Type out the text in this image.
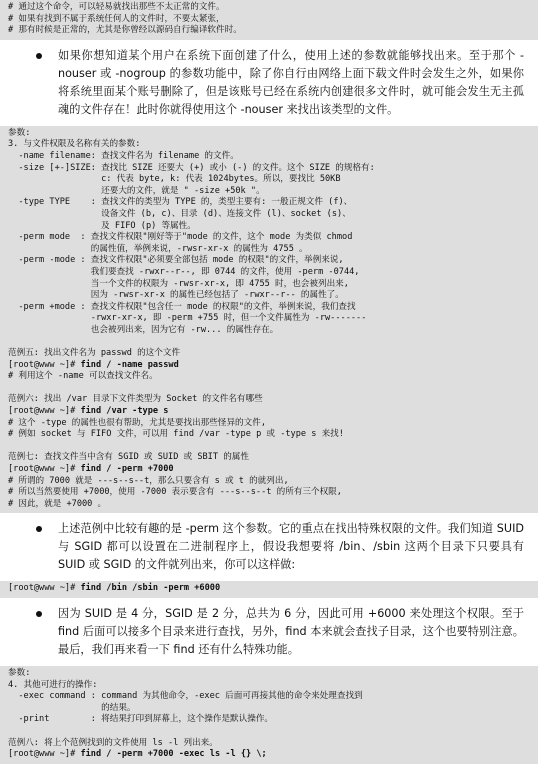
# 通过这个命令，可以轻易就找出那些不太正常的文件。
# 如果有找到不属于系统任何人的文件时，不要太紧张，
# 那有时候是正常的，尤其是你曾经以源码自行编译软件时。
如果你想知道某个用户在系统下面创建了什么，使用上述的参数就能够找出来。至于那个 -nouser 或 -nogroup 的参数功能中，除了你自行由网络上面下载文件时会发生之外，如果你将系统里面某个账号删除了，但是该账号已经在系统内创建很多文件时，就可能会发生无主孤魂的文件存在！此时你就得使用这个 -nouser 来找出该类型的文件。
参数:
3. 与文件权限及名称有关的参数:
-name filename: 查找文件名为 filename 的文件。
-size [+-]SIZE: 查找比 SIZE 还要大 (+) 或小 (-) 的文件。这个 SIZE 的规格有:
c: 代表 byte, k: 代表 1024bytes。所以，要找比 50KB
还要大的文件，就是 " -size +50k "。
-type TYPE    : 查找文件的类型为 TYPE 的，类型主要有: 一般正规文件 (f)、
设备文件 (b, c)、目录 (d)、连接文件 (l)、socket (s)、
及 FIFO (p) 等属性。
-perm mode  : 查找文件权限"刚好等于"mode 的文件，这个 mode 为类似 chmod
的属性值，举例来说，-rwsr-xr-x 的属性为 4755 。
-perm -mode : 查找文件权限"必须要全部包括 mode 的权限"的文件，举例来说,
我们要查找 -rwxr--r--, 即 0744 的文件，使用 -perm -0744,
当一个文件的权限为 -rwsr-xr-x, 即 4755 时，也会被列出来,
因为 -rwsr-xr-x 的属性已经包括了 -rwxr--r-- 的属性了。
-perm +mode : 查找文件权限"包含任一 mode 的权限"的文件，举例来说，我们查找
-rwxr-xr-x, 即 -perm +755 时，但一个文件属性为 -rw-------
也会被列出来，因为它有 -rw... 的属性存在。
范例五: 找出文件名为 passwd 的这个文件
[root@www ~]# find / -name passwd
# 利用这个 -name 可以查找文件名。
范例六: 找出 /var 目录下文件类型为 Socket 的文件名有哪些
[root@www ~]# find /var -type s
# 这个 -type 的属性也很有帮助，尤其是要找出那些怪异的文件,
# 例如 socket 与 FIFO 文件，可以用 find /var -type p 或 -type s 来找!
范例七: 查找文件当中含有 SGID 或 SUID 或 SBIT 的属性
[root@www ~]# find / -perm +7000
# 所谓的 7000 就是 ---s--s--t，那么只要含有 s 或 t 的就列出,
# 所以当然要使用 +7000，使用 -7000 表示要含有 ---s--s--t 的所有三个权限,
# 因此，就是 +7000 。
上述范例中比较有趣的是 -perm 这个参数。它的重点在找出特殊权限的文件。我们知道 SUID 与 SGID 都可以设置在二进制程序上，假设我想要将 /bin、/sbin 这两个目录下只要具有 SUID 或 SGID 的文件就列出来，你可以这样做:
[root@www ~]# find /bin /sbin -perm +6000
因为 SUID 是 4 分，SGID 是 2 分，总共为 6 分，因此可用 +6000 来处理这个权限。至于 find 后面可以接多个目录来进行查找，另外，find 本来就会查找子目录，这个也要特别注意。最后，我们再来看一下 find 还有什么特殊功能。
参数:
4. 其他可进行的操作:
-exec command : command 为其他命令，-exec 后面可再接其他的命令来处理查找到
的结果。
-print        : 将结果打印到屏幕上，这个操作是默认操作。
范例八: 将上个范例找到的文件使用 ls -l 列出来。
[root@www ~]# find / -perm +7000 -exec ls -l {} \;
